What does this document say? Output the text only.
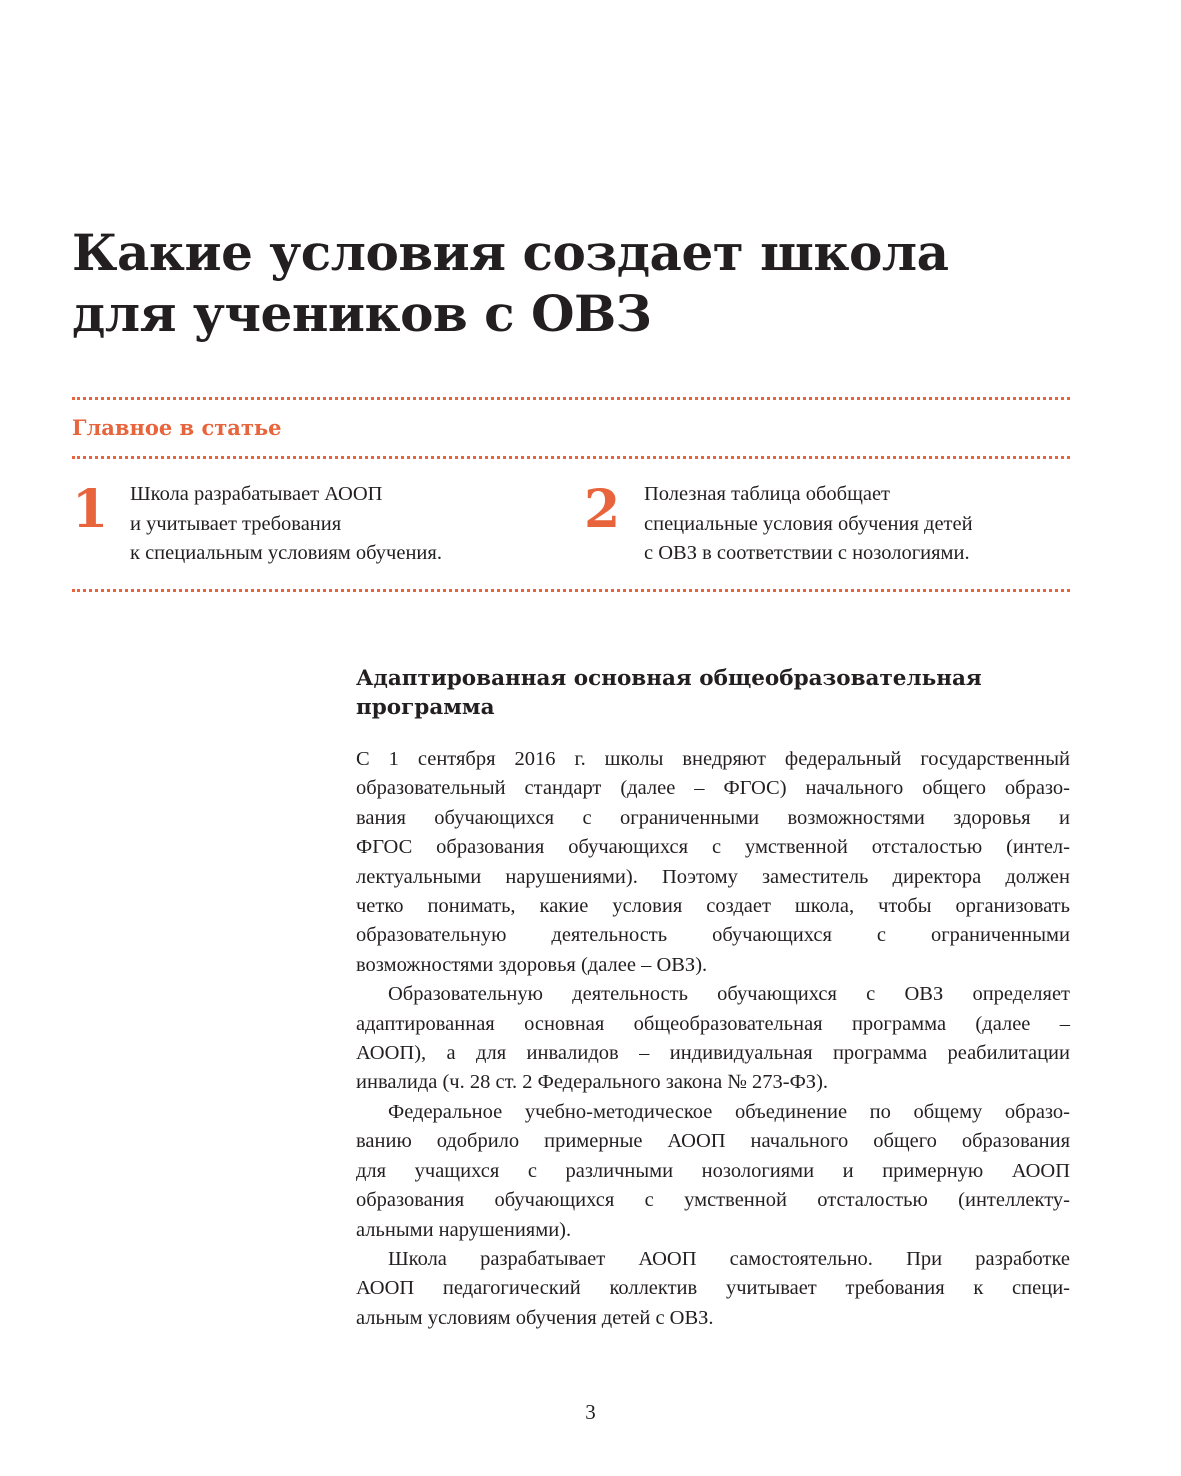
Какие условия создает школа
для учеников с ОВЗ
Главное в статье
1 Школа разрабатывает АООП
и учитывает требования
к специальным условиям обучения.
2 Полезная таблица обобщает
специальные условия обучения детей
с ОВЗ в соответствии с нозологиями.
Адаптированная основная общеобразовательная
программа
С 1 сентября 2016 г. школы внедряют федеральный государственный
образовательный стандарт (далее – ФГОС) начального общего образо-
вания обучающихся с ограниченными возможностями здоровья и
ФГОС образования обучающихся с умственной отсталостью (интел-
лектуальными нарушениями). Поэтому заместитель директора должен
четко понимать, какие условия создает школа, чтобы организовать
образовательную деятельность обучающихся с ограниченными
возможностями здоровья (далее – ОВЗ).
Образовательную деятельность обучающихся с ОВЗ определяет
адаптированная основная общеобразовательная программа (далее –
АООП), а для инвалидов – индивидуальная программа реабилитации
инвалида (ч. 28 ст. 2 Федерального закона № 273-ФЗ).
Федеральное учебно-методическое объединение по общему образо-
ванию одобрило примерные АООП начального общего образования
для учащихся с различными нозологиями и примерную АООП
образования обучающихся с умственной отсталостью (интеллекту-
альными нарушениями).
Школа разрабатывает АООП самостоятельно. При разработке
АООП педагогический коллектив учитывает требования к специ-
альным условиям обучения детей с ОВЗ.
3
